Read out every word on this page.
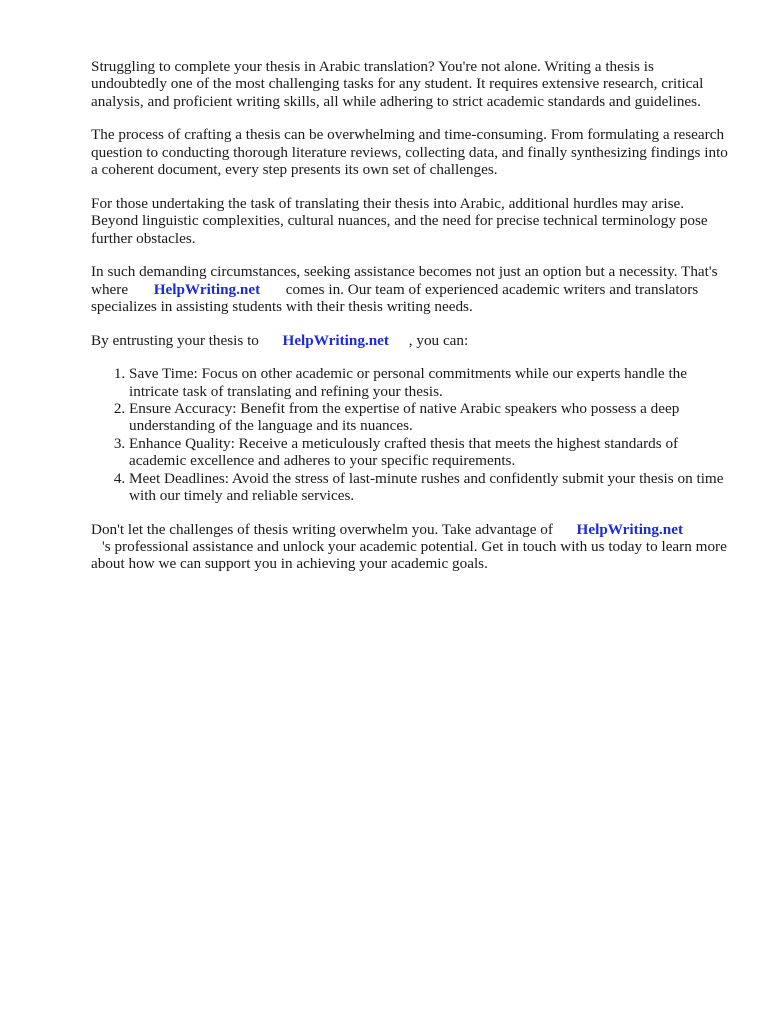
Struggling to complete your thesis in Arabic translation? You're not alone. Writing a thesis is undoubtedly one of the most challenging tasks for any student. It requires extensive research, critical analysis, and proficient writing skills, all while adhering to strict academic standards and guidelines.

The process of crafting a thesis can be overwhelming and time-consuming. From formulating a research question to conducting thorough literature reviews, collecting data, and finally synthesizing findings into a coherent document, every step presents its own set of challenges.

For those undertaking the task of translating their thesis into Arabic, additional hurdles may arise. Beyond linguistic complexities, cultural nuances, and the need for precise technical terminology pose further obstacles.

In such demanding circumstances, seeking assistance becomes not just an option but a necessity. That's where HelpWriting.net comes in. Our team of experienced academic writers and translators specializes in assisting students with their thesis writing needs.

By entrusting your thesis to HelpWriting.net , you can:

1. Save Time: Focus on other academic or personal commitments while our experts handle the intricate task of translating and refining your thesis.
2. Ensure Accuracy: Benefit from the expertise of native Arabic speakers who possess a deep understanding of the language and its nuances.
3. Enhance Quality: Receive a meticulously crafted thesis that meets the highest standards of academic excellence and adheres to your specific requirements.
4. Meet Deadlines: Avoid the stress of last-minute rushes and confidently submit your thesis on time with our timely and reliable services.

Don't let the challenges of thesis writing overwhelm you. Take advantage of HelpWriting.net
's professional assistance and unlock your academic potential. Get in touch with us today to learn more about how we can support you in achieving your academic goals.
